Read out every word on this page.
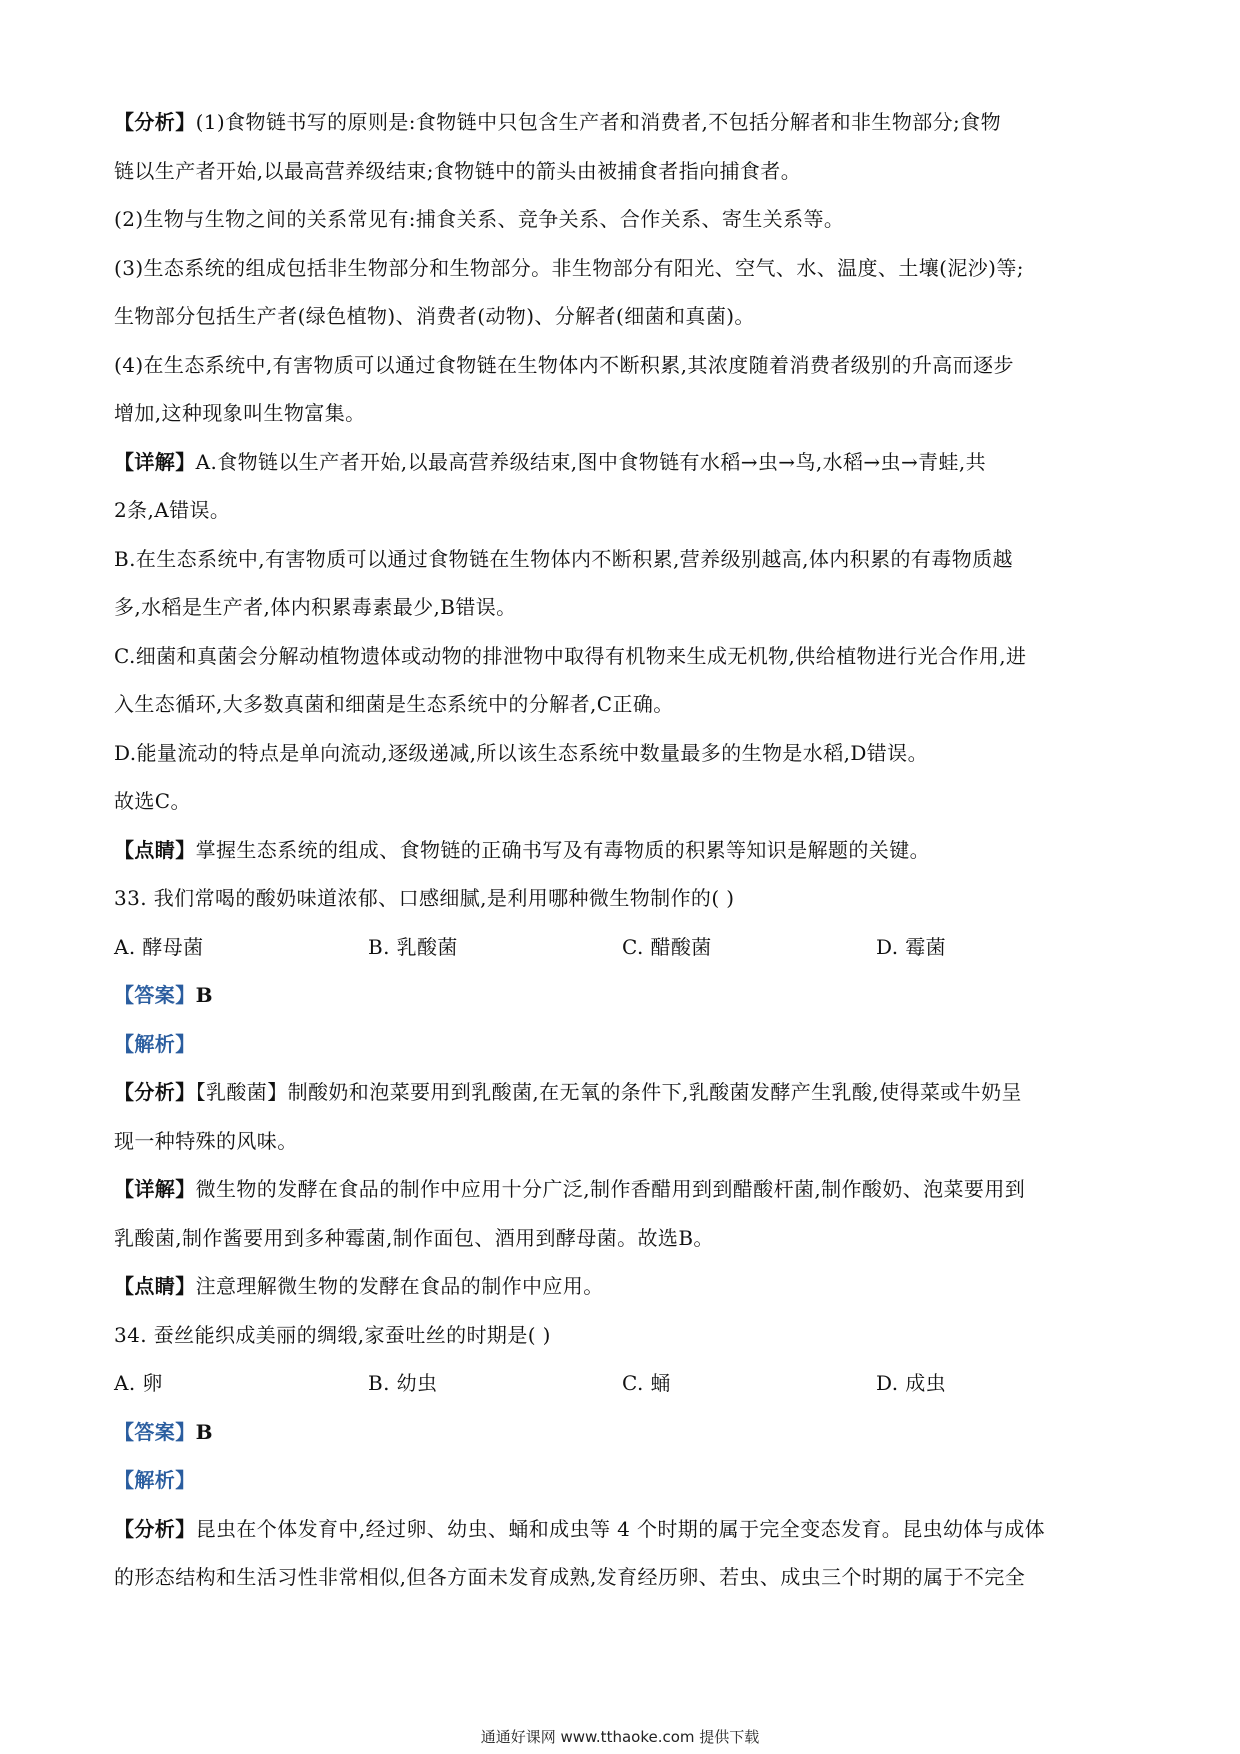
【分析】(1)食物链书写的原则是:食物链中只包含生产者和消费者,不包括分解者和非生物部分;食物

链以生产者开始,以最高营养级结束;食物链中的箭头由被捕食者指向捕食者。

(2)生物与生物之间的关系常见有:捕食关系、竞争关系、合作关系、寄生关系等。

(3)生态系统的组成包括非生物部分和生物部分。非生物部分有阳光、空气、水、温度、土壤(泥沙)等;

生物部分包括生产者(绿色植物)、消费者(动物)、分解者(细菌和真菌)。

(4)在生态系统中,有害物质可以通过食物链在生物体内不断积累,其浓度随着消费者级别的升高而逐步

增加,这种现象叫生物富集。

【详解】A.食物链以生产者开始,以最高营养级结束,图中食物链有水稻→虫→鸟,水稻→虫→青蛙,共

2条,A错误。

B.在生态系统中,有害物质可以通过食物链在生物体内不断积累,营养级别越高,体内积累的有毒物质越

多,水稻是生产者,体内积累毒素最少,B错误。

C.细菌和真菌会分解动植物遗体或动物的排泄物中取得有机物来生成无机物,供给植物进行光合作用,进

入生态循环,大多数真菌和细菌是生态系统中的分解者,C正确。

D.能量流动的特点是单向流动,逐级递减,所以该生态系统中数量最多的生物是水稻,D错误。

故选C。

【点睛】掌握生态系统的组成、食物链的正确书写及有毒物质的积累等知识是解题的关键。

33. 我们常喝的酸奶味道浓郁、口感细腻,是利用哪种微生物制作的( )

A. 酵母菌	B. 乳酸菌	C. 醋酸菌	D. 霉菌

【答案】B

【解析】

【分析】【乳酸菌】制酸奶和泡菜要用到乳酸菌,在无氧的条件下,乳酸菌发酵产生乳酸,使得菜或牛奶呈

现一种特殊的风味。

【详解】微生物的发酵在食品的制作中应用十分广泛,制作香醋用到到醋酸杆菌,制作酸奶、泡菜要用到

乳酸菌,制作酱要用到多种霉菌,制作面包、酒用到酵母菌。故选B。

【点睛】注意理解微生物的发酵在食品的制作中应用。

34. 蚕丝能织成美丽的绸缎,家蚕吐丝的时期是( )

A. 卵	B. 幼虫	C. 蛹	D. 成虫

【答案】B

【解析】

【分析】昆虫在个体发育中,经过卵、幼虫、蛹和成虫等 4 个时期的属于完全变态发育。昆虫幼体与成体

的形态结构和生活习性非常相似,但各方面未发育成熟,发育经历卵、若虫、成虫三个时期的属于不完全

通通好课网 www.tthaoke.com 提供下载
